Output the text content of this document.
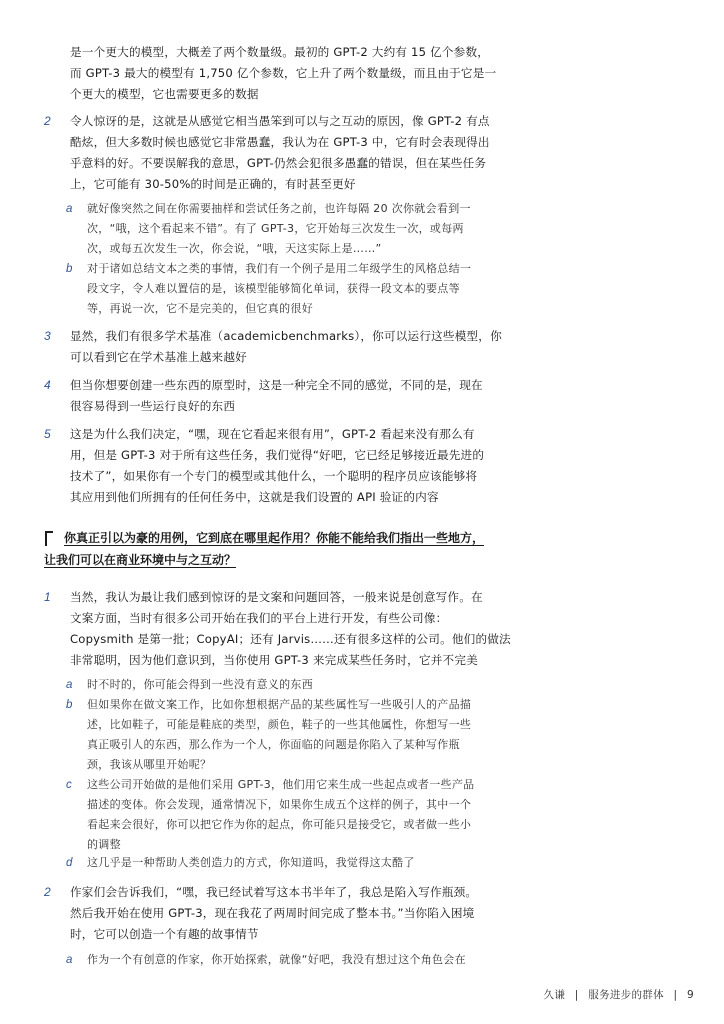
是一个更大的模型，大概差了两个数量级。最初的 GPT-2 大约有 15 亿个参数，
而 GPT-3 最大的模型有 1,750 亿个参数，它上升了两个数量级，而且由于它是一
个更大的模型，它也需要更多的数据
2 令人惊讶的是，这就是从感觉它相当愚笨到可以与之互动的原因，像 GPT-2 有点
酷炫，但大多数时候也感觉它非常愚蠢，我认为在 GPT-3 中，它有时会表现得出
乎意料的好。不要误解我的意思，GPT-仍然会犯很多愚蠢的错误，但在某些任务
上，它可能有 30-50%的时间是正确的，有时甚至更好
a 就好像突然之间在你需要抽样和尝试任务之前，也许每隔 20 次你就会看到一
次，“哦，这个看起来不错”。有了 GPT-3，它开始每三次发生一次，或每两
次，或每五次发生一次，你会说，“哦，天这实际上是……”
b 对于诸如总结文本之类的事情，我们有一个例子是用二年级学生的风格总结一
段文字，令人难以置信的是，该模型能够简化单词，获得一段文本的要点等
等，再说一次，它不是完美的，但它真的很好
3 显然，我们有很多学术基准（academicbenchmarks），你可以运行这些模型，你
可以看到它在学术基准上越来越好
4 但当你想要创建一些东西的原型时，这是一种完全不同的感觉，不同的是，现在
很容易得到一些运行良好的东西
5 这是为什么我们决定，“嘿，现在它看起来很有用”，GPT-2 看起来没有那么有
用，但是 GPT-3 对于所有这些任务，我们觉得“好吧，它已经足够接近最先进的
技术了”，如果你有一个专门的模型或其他什么，一个聪明的程序员应该能够将
其应用到他们所拥有的任何任务中，这就是我们设置的 API 验证的内容
你真正引以为豪的用例，它到底在哪里起作用？你能不能给我们指出一些地方，
让我们可以在商业环境中与之互动？
1 当然，我认为最让我们感到惊讶的是文案和问题回答，一般来说是创意写作。在
文案方面，当时有很多公司开始在我们的平台上进行开发，有些公司像：
Copysmith 是第一批；CopyAI；还有 Jarvis……还有很多这样的公司。他们的做法
非常聪明，因为他们意识到，当你使用 GPT-3 来完成某些任务时，它并不完美
a 时不时的，你可能会得到一些没有意义的东西
b 但如果你在做文案工作，比如你想根据产品的某些属性写一些吸引人的产品描
述，比如鞋子，可能是鞋底的类型，颜色，鞋子的一些其他属性，你想写一些
真正吸引人的东西，那么作为一个人，你面临的问题是你陷入了某种写作瓶
颈，我该从哪里开始呢？
c 这些公司开始做的是他们采用 GPT-3，他们用它来生成一些起点或者一些产品
描述的变体。你会发现，通常情况下，如果你生成五个这样的例子，其中一个
看起来会很好，你可以把它作为你的起点，你可能只是接受它，或者做一些小
的调整
d 这几乎是一种帮助人类创造力的方式，你知道吗，我觉得这太酷了
2 作家们会告诉我们，“嘿，我已经试着写这本书半年了，我总是陷入写作瓶颈。
然后我开始在使用 GPT-3，现在我花了两周时间完成了整本书。”当你陷入困境
时，它可以创造一个有趣的故事情节
a 作为一个有创意的作家，你开始探索，就像“好吧，我没有想过这个角色会在
久谦 | 服务进步的群体 | 9
